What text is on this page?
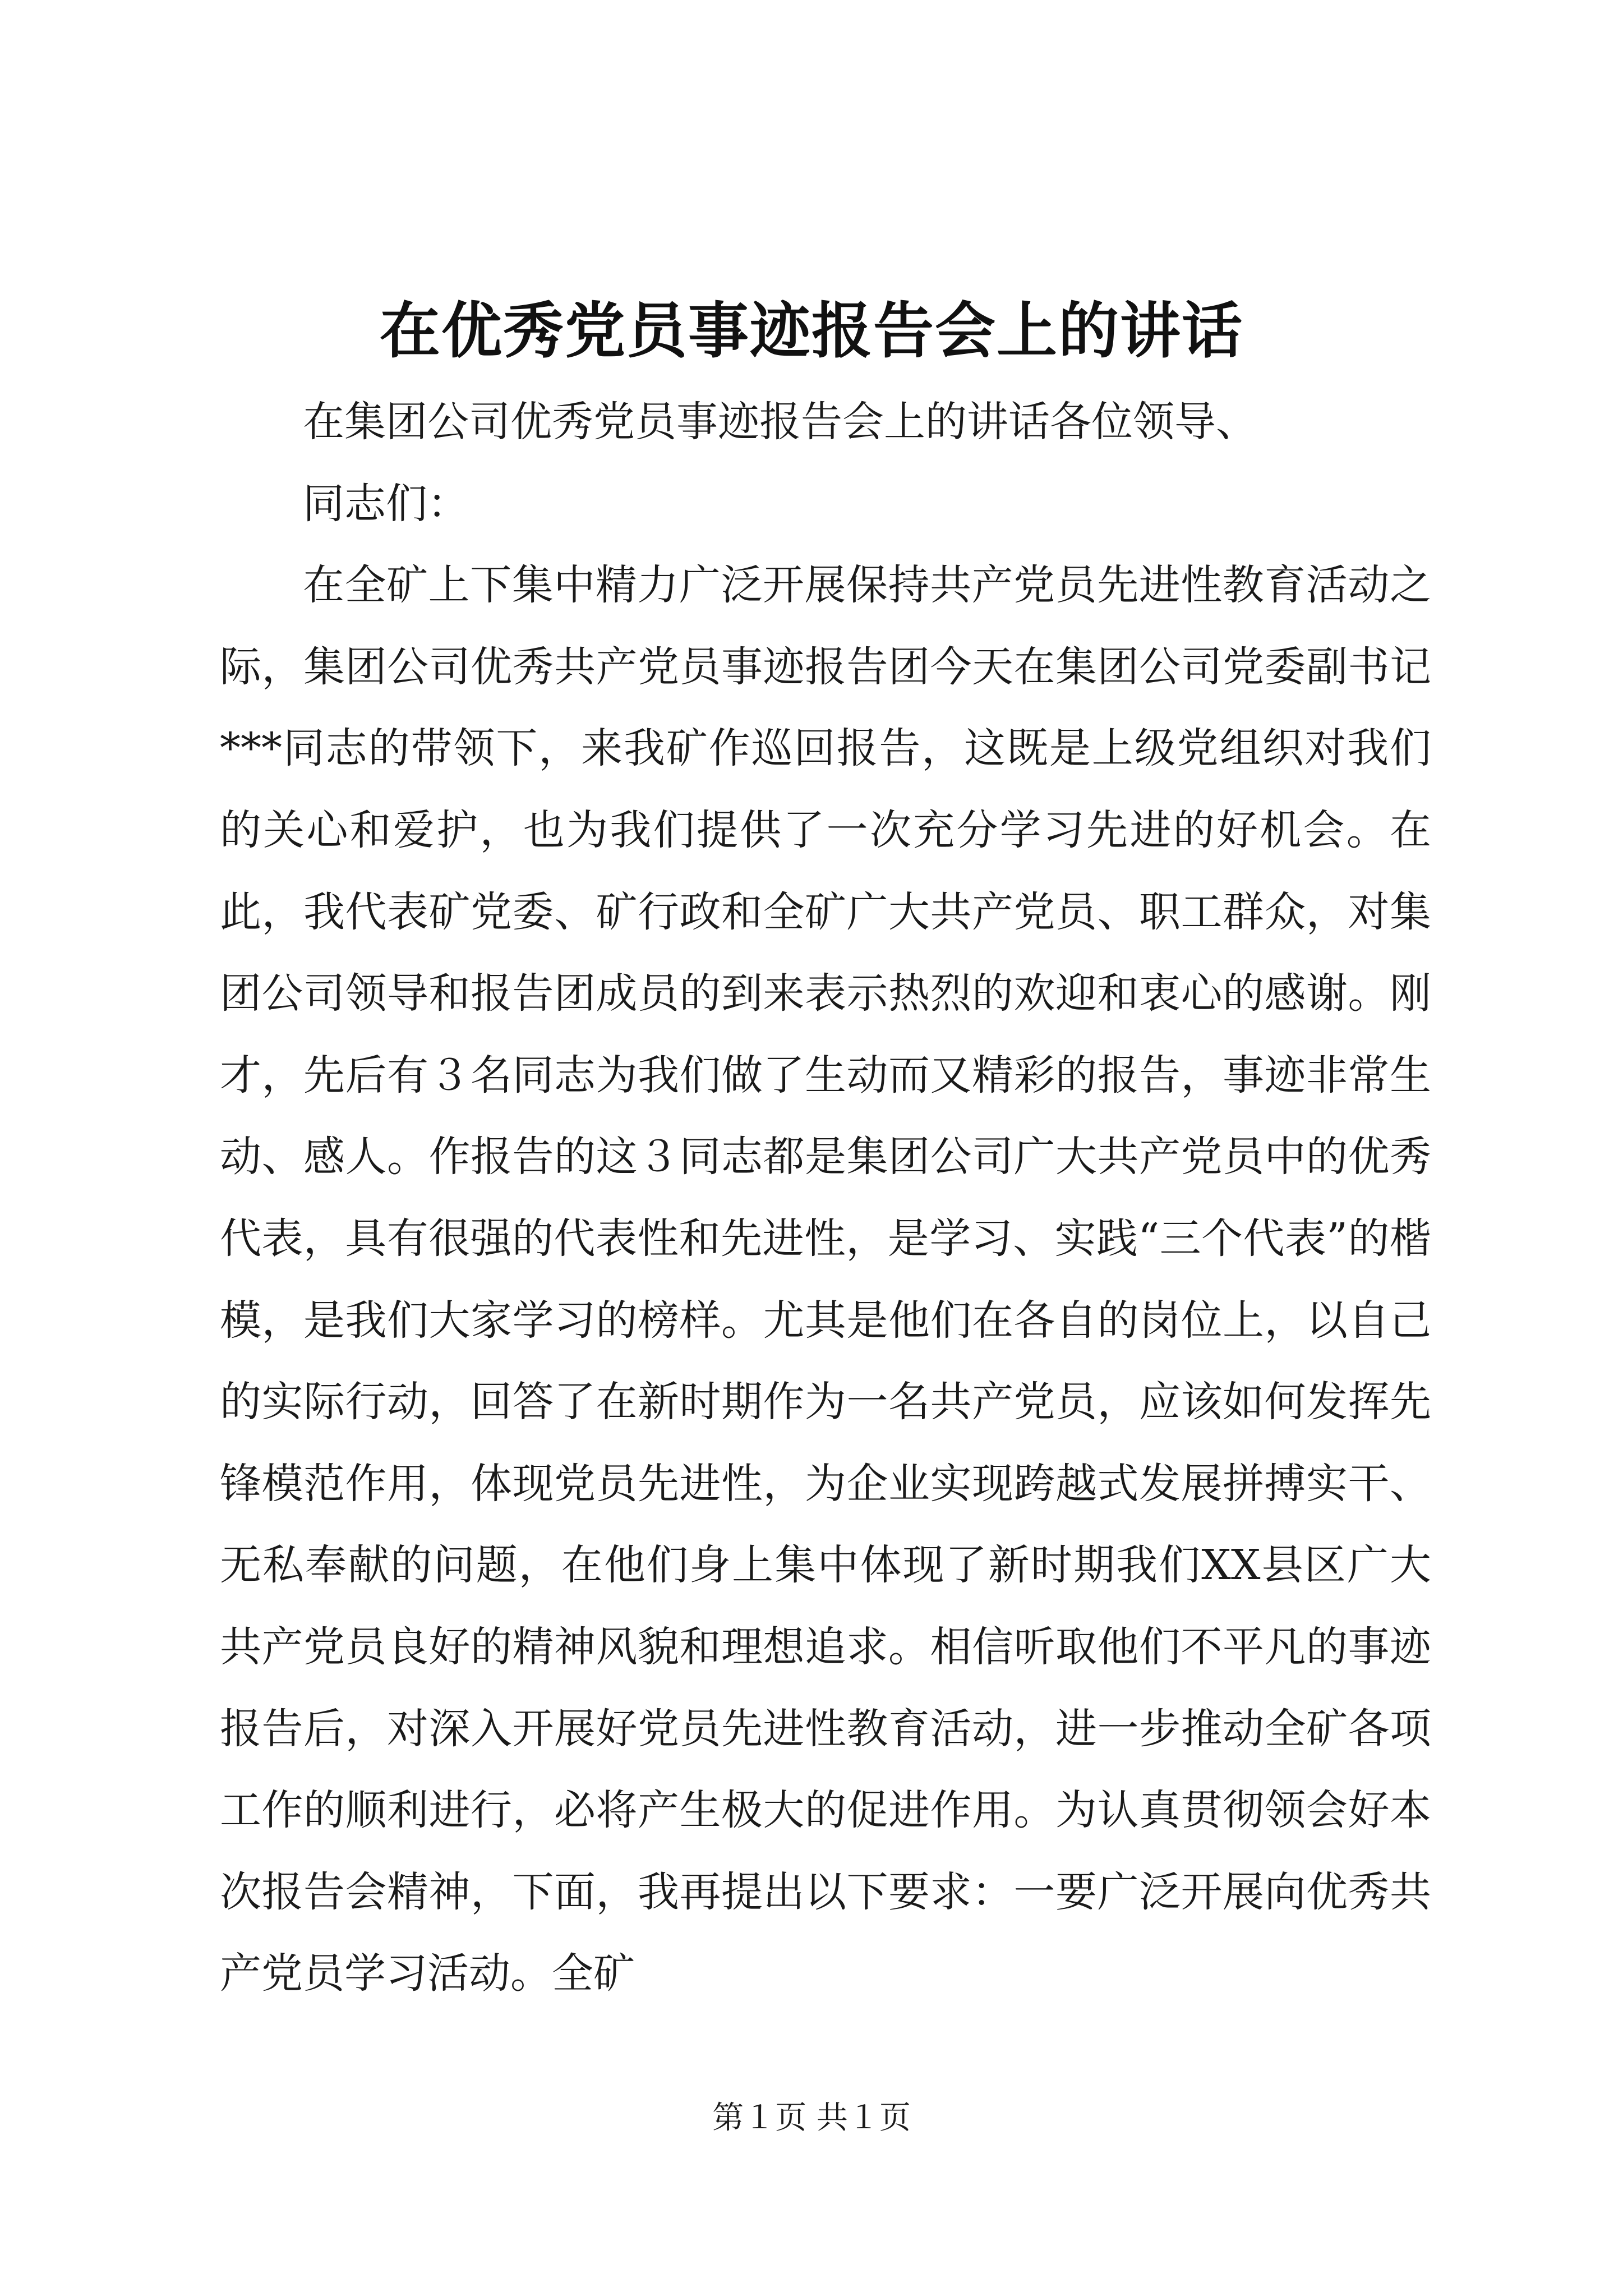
在优秀党员事迹报告会上的讲话

在集团公司优秀党员事迹报告会上的讲话各位领导、

同志们：

在全矿上下集中精力广泛开展保持共产党员先进性教育活动之际，集团公司优秀共产党员事迹报告团今天在集团公司党委副书记***同志的带领下，来我矿作巡回报告，这既是上级党组织对我们的关心和爱护，也为我们提供了一次充分学习先进的好机会。在此，我代表矿党委、矿行政和全矿广大共产党员、职工群众，对集团公司领导和报告团成员的到来表示热烈的欢迎和衷心的感谢。刚才，先后有３名同志为我们做了生动而又精彩的报告，事迹非常生动、感人。作报告的这３同志都是集团公司广大共产党员中的优秀代表，具有很强的代表性和先进性，是学习、实践“三个代表”的楷模，是我们大家学习的榜样。尤其是他们在各自的岗位上，以自己的实际行动，回答了在新时期作为一名共产党员，应该如何发挥先锋模范作用，体现党员先进性，为企业实现跨越式发展拼搏实干、无私奉献的问题，在他们身上集中体现了新时期我们XX县区广大共产党员良好的精神风貌和理想追求。相信听取他们不平凡的事迹报告后，对深入开展好党员先进性教育活动，进一步推动全矿各项工作的顺利进行，必将产生极大的促进作用。为认真贯彻领会好本次报告会精神，下面，我再提出以下要求：一要广泛开展向优秀共产党员学习活动。全矿

第１页 共１页
